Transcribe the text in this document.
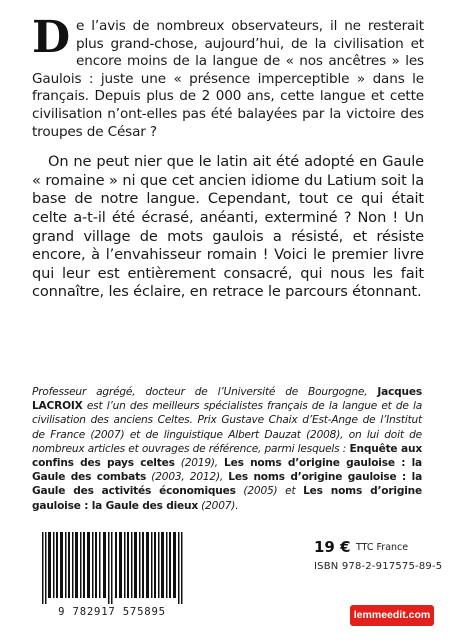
De l’avis de nombreux observateurs, il ne resterait plus grand-chose, aujourd’hui, de la civilisation et encore moins de la langue de « nos ancêtres » les Gaulois : juste une « présence imperceptible » dans le français. Depuis plus de 2 000 ans, cette langue et cette civilisation n’ont-elles pas été balayées par la victoire des troupes de César ?

On ne peut nier que le latin ait été adopté en Gaule « romaine » ni que cet ancien idiome du Latium soit la base de notre langue. Cependant, tout ce qui était celte a-t-il été écrasé, anéanti, exterminé ? Non ! Un grand village de mots gaulois a résisté, et résiste encore, à l’envahisseur romain ! Voici le premier livre qui leur est entièrement consacré, qui nous les fait connaître, les éclaire, en retrace le parcours étonnant.

Professeur agrégé, docteur de l’Université de Bourgogne, Jacques LACROIX est l’un des meilleurs spécialistes français de la langue et de la civilisation des anciens Celtes. Prix Gustave Chaix d’Est-Ange de l’Institut de France (2007) et de linguistique Albert Dauzat (2008), on lui doit de nombreux articles et ouvrages de référence, parmi lesquels : Enquête aux confins des pays celtes (2019), Les noms d’origine gauloise : la Gaule des combats (2003, 2012), Les noms d’origine gauloise : la Gaule des activités économiques (2005) et Les noms d’origine gauloise : la Gaule des dieux (2007).
9 782917 575895
19 € TTC France
ISBN 978-2-917575-89-5
lemmeedit.com
